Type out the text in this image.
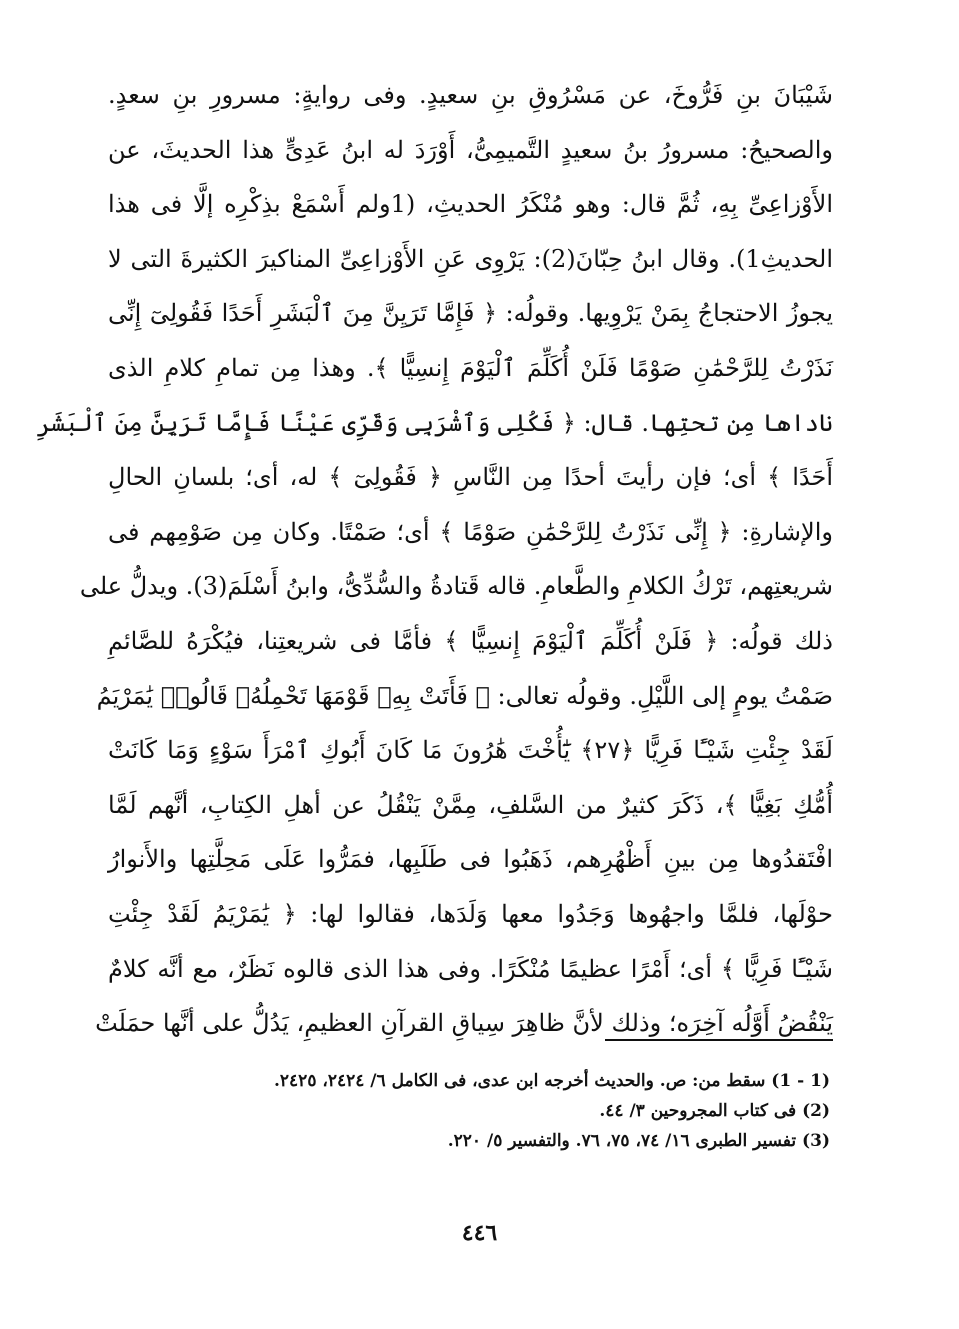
شَيْبَانَ بنِ فَرُّوخَ، عن مَسْرُوقِ بنِ سعيدٍ. وفى روايةٍ: مسرورِ بنِ سعدٍ.
والصحيحُ: مسرورُ بنُ سعيدٍ التَّميمِىُّ، أَوْرَدَ له ابنُ عَدِىٍّ هذا الحديثَ، عن
الأَوْزاعِىِّ بِهِ، ثُمَّ قال: وهو مُنْكَرُ الحديثِ، (1ولم أَسْمَعْ بذِكْرِه إلَّا فى هذا
الحديثِ1). وقال ابنُ حِبّانَ(2): يَرْوِى عَنِ الأَوْزاعِىِّ المناكيرَ الكثيرةَ التى لا
يجوزُ الاحتجاجُ بِمَنْ يَرْوِيها. وقولُه: ﴿ فَإِمَّا تَرَيِنَّ مِنَ ٱلْبَشَرِ أَحَدًا فَقُولِىٓ إِنِّى
نَذَرْتُ لِلرَّحْمَٰنِ صَوْمًا فَلَنْ أُكَلِّمَ ٱلْيَوْمَ إِنسِيًّا ﴾. وهذا مِن تمامِ كلامِ الذى
ناداها مِن تحتِها. قال: ﴿ فَكُلِى وَٱشْرَبِى وَقَرِّى عَيْنًا فَإِمَّا تَرَيِنَّ مِنَ ٱلْبَشَرِ
أَحَدًا ﴾ أى؛ فإن رأيتَ أحدًا مِن النَّاسِ ﴿ فَقُولِىٓ ﴾ له، أى؛ بلسانِ الحالِ
والإشارةِ: ﴿ إِنِّى نَذَرْتُ لِلرَّحْمَٰنِ صَوْمًا ﴾ أى؛ صَمْتًا. وكان مِن صَوْمِهم فى
شريعتِهم، تَرْكُ الكلامِ والطَّعامِ. قاله قَتادةُ والسُّدِّىُّ، وابنُ أَسْلَمَ(3). ويدلُّ على
ذلك قولُه: ﴿ فَلَنْ أُكَلِّمَ ٱلْيَوْمَ إِنسِيًّا ﴾ فأمَّا فى شريعتِنا، فيُكْرَهُ للصَّائمِ
صَمْتُ يومٍ إلى اللَّيْلِ. وقولُه تعالى: ﴿ فَأَتَتْ بِهِۦ قَوْمَهَا تَحْمِلُهُۥ قَالُوا۟ يَٰمَرْيَمُ
لَقَدْ جِئْتِ شَيْـًٔا فَرِيًّا ﴿٢٧﴾ يَٰٓأُخْتَ هَٰرُونَ مَا كَانَ أَبُوكِ ٱمْرَأَ سَوْءٍ وَمَا كَانَتْ
أُمُّكِ بَغِيًّا ﴾، ذَكَرَ كثيرٌ من السَّلفِ، مِمَّنْ يَنْقُلُ عن أهلِ الكِتابِ، أنَّهم لَمَّا
افْتَقدُوها مِن بينِ أَظْهُرِهم، ذَهَبُوا فى طَلَبِها، فمَرُّوا عَلَى مَحِلَّتِها والأَنوارُ
حوْلَها، فلمَّا واجهُوها وَجَدُوا معها وَلَدَها، فقالوا لها: ﴿ يَٰمَرْيَمُ لَقَدْ جِئْتِ
شَيْـًٔا فَرِيًّا ﴾ أى؛ أَمْرًا عظيمًا مُنْكَرًا. وفى هذا الذى قالوه نَظَرٌ، مع أنَّه كلامٌ
يَنْقُضُ أَوَّلُه آخِرَه؛ وذلك لأنَّ ظاهِرَ سِياقِ القرآنِ العظيمِ، يَدُلُّ على أنَّها حمَلَتْ
(1 - 1) سقط من: ص. والحديث أخرجه ابن عدى، فى الكامل ٦/ ٢٤٢٤، ٢٤٢٥.
(2) فى كتاب المجروحين ٣/ ٤٤.
(3) تفسير الطبرى ١٦/ ٧٤، ٧٥، ٧٦. والتفسير ٥/ ٢٢٠.
٤٤٦
